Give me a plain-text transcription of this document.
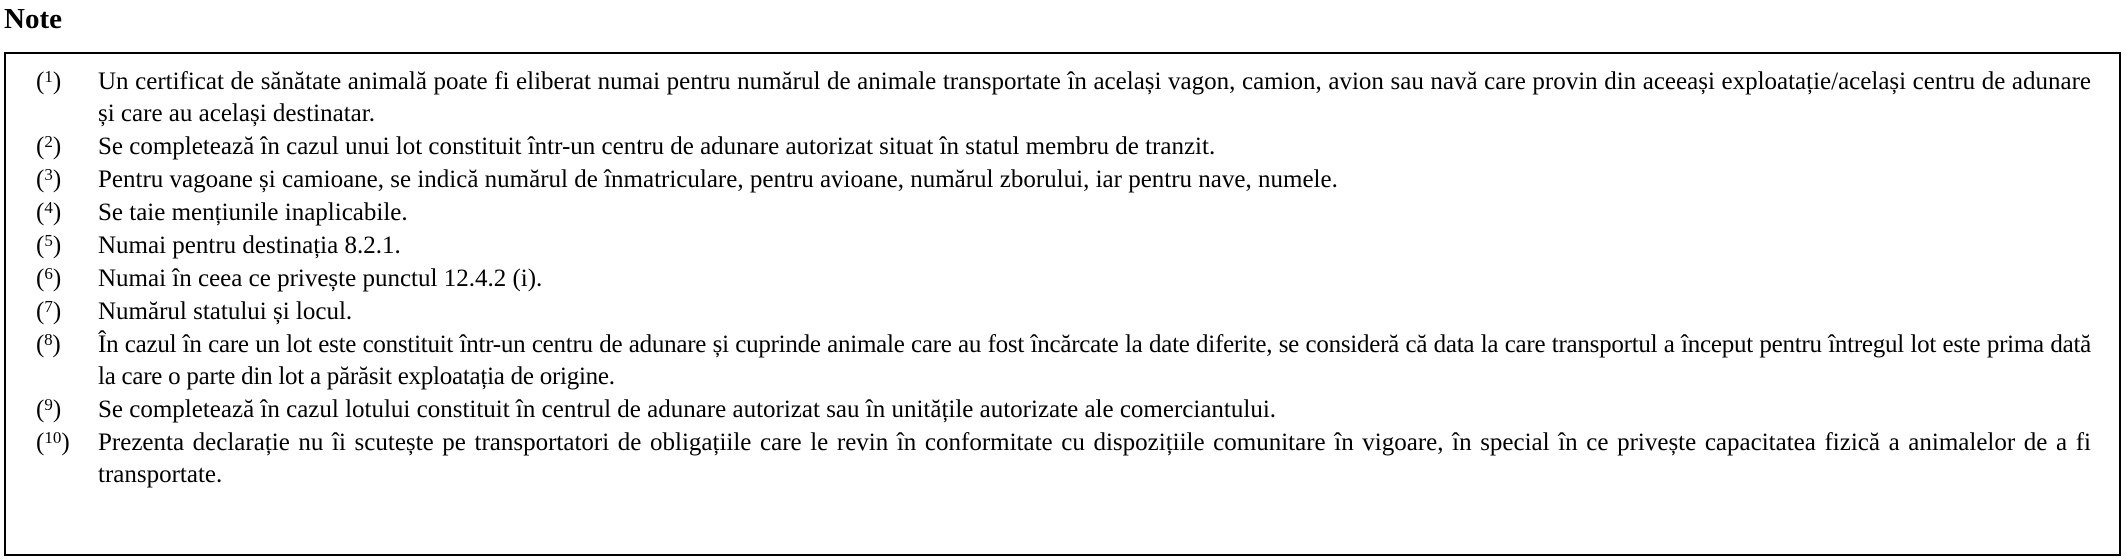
Note
($^1$)	Un certificat de sănătate animală poate fi eliberat numai pentru numărul de animale transportate în același vagon, camion, avion sau navă care provin din aceeași exploatație/același centru de adunare și care au același destinatar.
($^2$)	Se completează în cazul unui lot constituit într-un centru de adunare autorizat situat în statul membru de tranzit.
($^3$)	Pentru vagoane și camioane, se indică numărul de înmatriculare, pentru avioane, numărul zborului, iar pentru nave, numele.
($^4$)	Se taie mențiunile inaplicabile.
($^5$)	Numai pentru destinația 8.2.1.
($^6$)	Numai în ceea ce privește punctul 12.4.2 (i).
($^7$)	Numărul statului și locul.
($^8$)	În cazul în care un lot este constituit într-un centru de adunare și cuprinde animale care au fost încărcate la date diferite, se consideră că data la care transportul a început pentru întregul lot este prima dată la care o parte din lot a părăsit exploatația de origine.
($^9$)	Se completează în cazul lotului constituit în centrul de adunare autorizat sau în unitățile autorizate ale comerciantului.
($^{10}$)	Prezenta declarație nu îi scutește pe transportatori de obligațiile care le revin în conformitate cu dispozițiile comunitare în vigoare, în special în ce privește capacitatea fizică a animalelor de a fi transportate.
